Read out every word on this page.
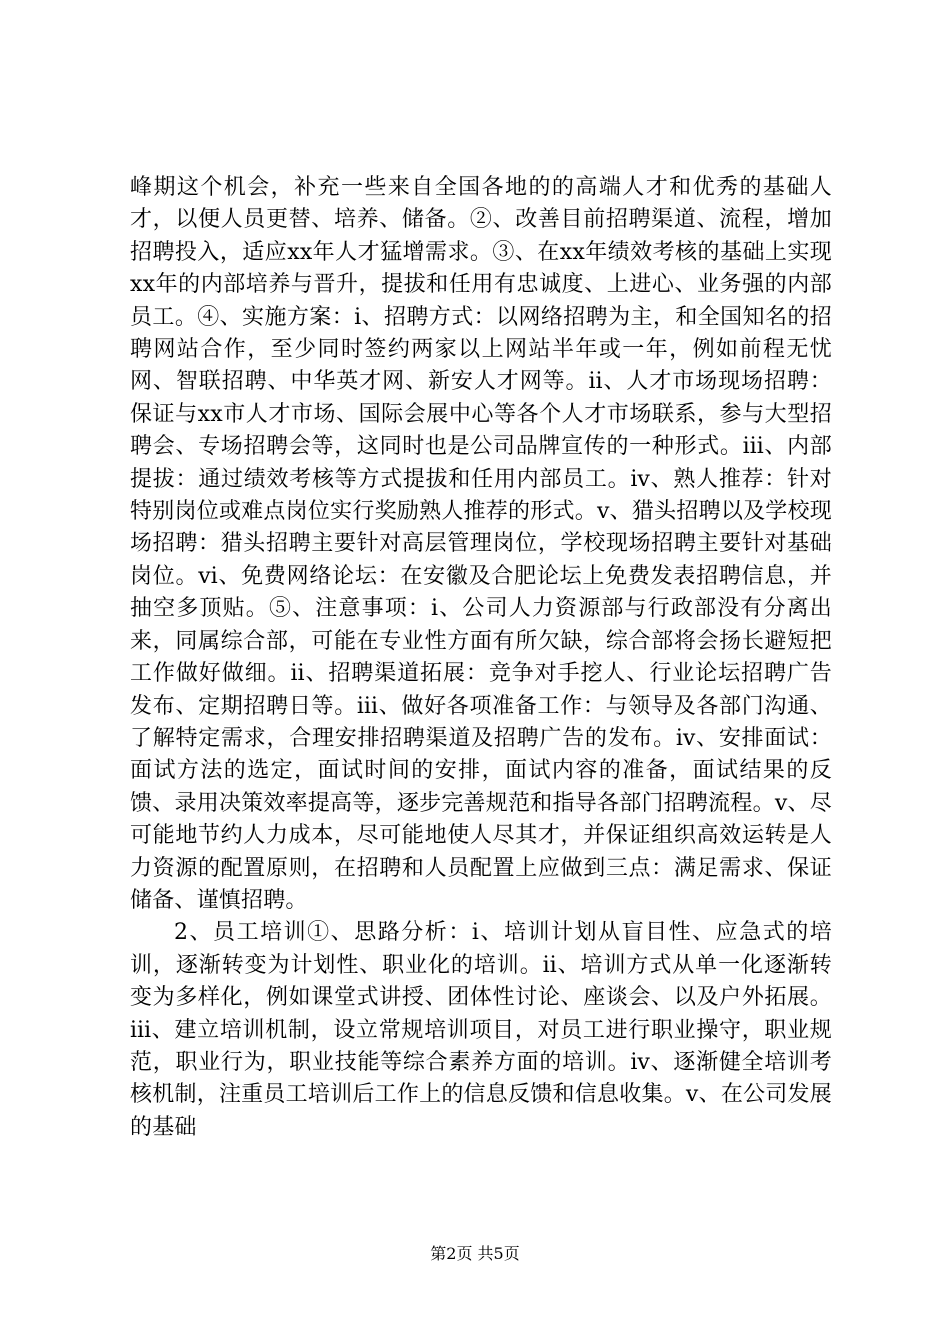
峰期这个机会，补充一些来自全国各地的的高端人才和优秀的基础人才，以便人员更替、培养、储备。②、改善目前招聘渠道、流程，增加招聘投入，适应xx年人才猛增需求。③、在xx年绩效考核的基础上实现xx年的内部培养与晋升，提拔和任用有忠诚度、上进心、业务强的内部员工。④、实施方案：ⅰ、招聘方式：以网络招聘为主，和全国知名的招聘网站合作，至少同时签约两家以上网站半年或一年，例如前程无忧网、智联招聘、中华英才网、新安人才网等。ⅱ、人才市场现场招聘：保证与xx市人才市场、国际会展中心等各个人才市场联系，参与大型招聘会、专场招聘会等，这同时也是公司品牌宣传的一种形式。ⅲ、内部提拔：通过绩效考核等方式提拔和任用内部员工。ⅳ、熟人推荐：针对特别岗位或难点岗位实行奖励熟人推荐的形式。ⅴ、猎头招聘以及学校现场招聘：猎头招聘主要针对高层管理岗位，学校现场招聘主要针对基础岗位。ⅵ、免费网络论坛：在安徽及合肥论坛上免费发表招聘信息，并抽空多顶贴。⑤、注意事项：ⅰ、公司人力资源部与行政部没有分离出来，同属综合部，可能在专业性方面有所欠缺，综合部将会扬长避短把工作做好做细。ⅱ、招聘渠道拓展：竞争对手挖人、行业论坛招聘广告发布、定期招聘日等。ⅲ、做好各项准备工作：与领导及各部门沟通、了解特定需求，合理安排招聘渠道及招聘广告的发布。ⅳ、安排面试：面试方法的选定，面试时间的安排，面试内容的准备，面试结果的反馈、录用决策效率提高等，逐步完善规范和指导各部门招聘流程。ⅴ、尽可能地节约人力成本，尽可能地使人尽其才，并保证组织高效运转是人力资源的配置原则，在招聘和人员配置上应做到三点：满足需求、保证储备、谨慎招聘。

2、员工培训①、思路分析：ⅰ、培训计划从盲目性、应急式的培训，逐渐转变为计划性、职业化的培训。ⅱ、培训方式从单一化逐渐转变为多样化，例如课堂式讲授、团体性讨论、座谈会、以及户外拓展。ⅲ、建立培训机制，设立常规培训项目，对员工进行职业操守，职业规范，职业行为，职业技能等综合素养方面的培训。ⅳ、逐渐健全培训考核机制，注重员工培训后工作上的信息反馈和信息收集。ⅴ、在公司发展的基础

第2页 共5页
